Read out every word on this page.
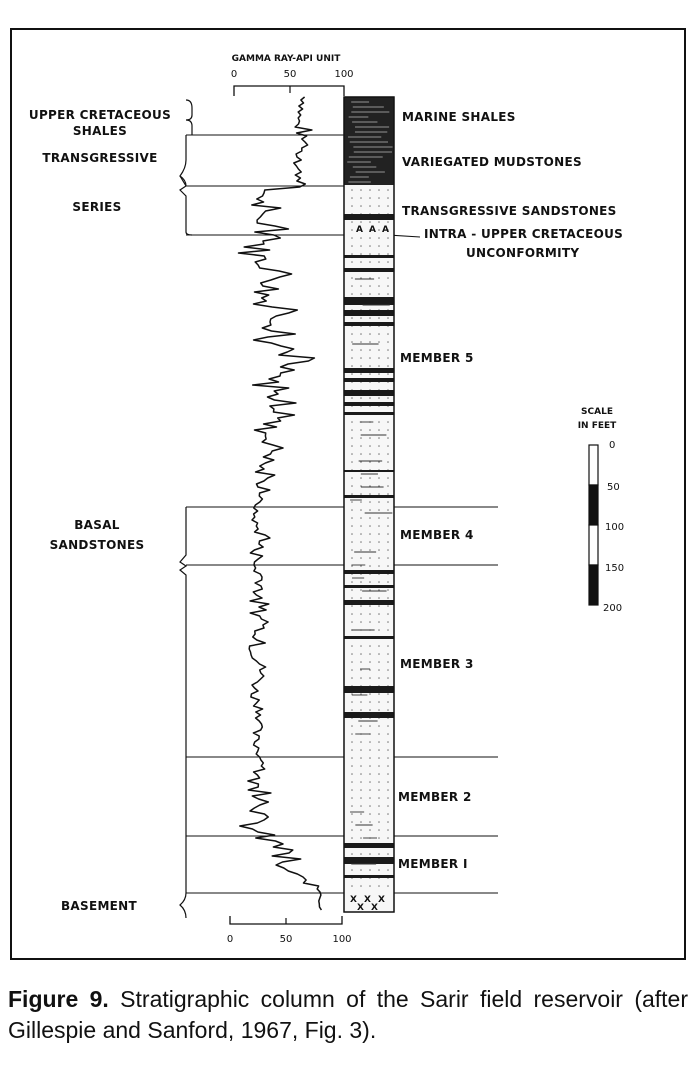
GAMMA RAY-API UNIT
0	50	100
0	50	100
UPPER CRETACEOUS
SHALES
TRANSGRESSIVE
SERIES
BASAL
SANDSTONES
BASEMENT
A A A
X X X
X X
MARINE SHALES
VARIEGATED MUDSTONES
TRANSGRESSIVE SANDSTONES
INTRA - UPPER CRETACEOUS
UNCONFORMITY
MEMBER 5
MEMBER 4
MEMBER 3
MEMBER 2
MEMBER I
SCALE
IN FEET
0
50
100
150
200
Figure 9. Stratigraphic column of the Sarir field reservoir (after Gillespie and Sanford, 1967, Fig. 3).
